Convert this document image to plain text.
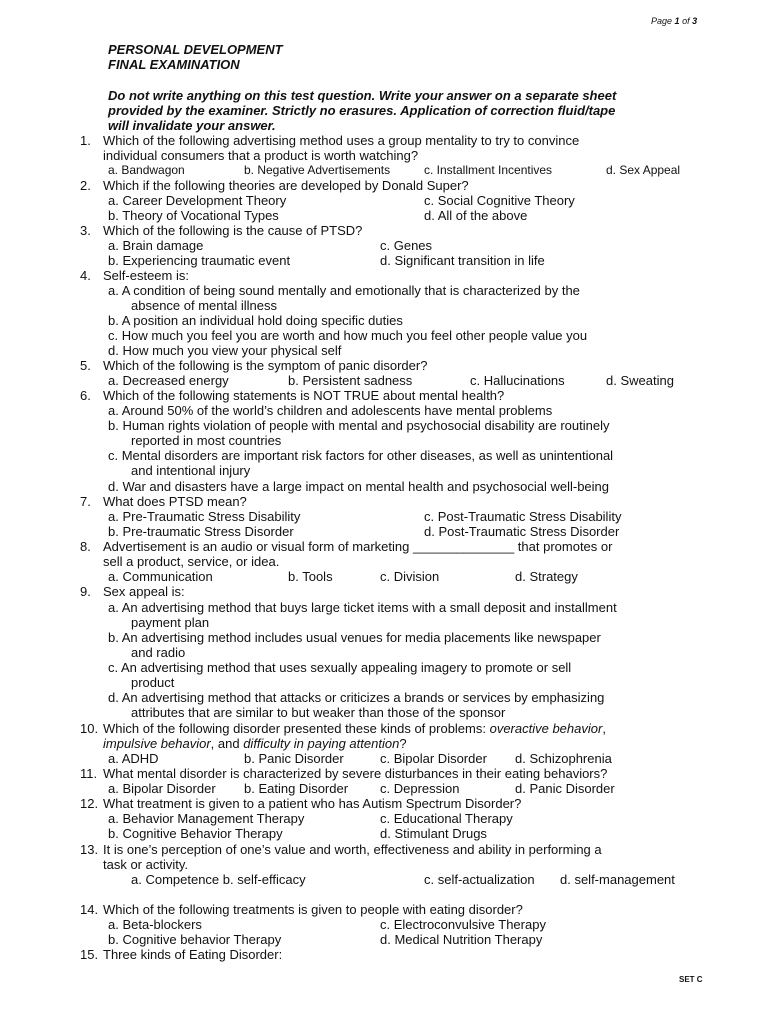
Page 1 of 3
PERSONAL DEVELOPMENT
FINAL EXAMINATION
Do not write anything on this test question. Write your answer on a separate sheet
provided by the examiner. Strictly no erasures. Application of correction fluid/tape
will invalidate your answer.
1. Which of the following advertising method uses a group mentality to try to convince
individual consumers that a product is worth watching?
a. Bandwagon	b. Negative Advertisements	c. Installment Incentives	d. Sex Appeal
2. Which if the following theories are developed by Donald Super?
a. Career Development Theory	c. Social Cognitive Theory
b. Theory of Vocational Types	d. All of the above
3. Which of the following is the cause of PTSD?
a. Brain damage	c. Genes
b. Experiencing traumatic event	d. Significant transition in life
4. Self-esteem is:
a. A condition of being sound mentally and emotionally that is characterized by the
absence of mental illness
b. A position an individual hold doing specific duties
c. How much you feel you are worth and how much you feel other people value you
d. How much you view your physical self
5. Which of the following is the symptom of panic disorder?
a. Decreased energy	b. Persistent sadness	c. Hallucinations	d. Sweating
6. Which of the following statements is NOT TRUE about mental health?
a. Around 50% of the world’s children and adolescents have mental problems
b. Human rights violation of people with mental and psychosocial disability are routinely
reported in most countries
c. Mental disorders are important risk factors for other diseases, as well as unintentional
and intentional injury
d. War and disasters have a large impact on mental health and psychosocial well-being
7. What does PTSD mean?
a. Pre-Traumatic Stress Disability	c. Post-Traumatic Stress Disability
b. Pre-traumatic Stress Disorder	d. Post-Traumatic Stress Disorder
8. Advertisement is an audio or visual form of marketing ______________ that promotes or
sell a product, service, or idea.
a. Communication	b. Tools	c. Division	d. Strategy
9. Sex appeal is:
a. An advertising method that buys large ticket items with a small deposit and installment
payment plan
b. An advertising method includes usual venues for media placements like newspaper
and radio
c. An advertising method that uses sexually appealing imagery to promote or sell
product
d. An advertising method that attacks or criticizes a brands or services by emphasizing
attributes that are similar to but weaker than those of the sponsor
10. Which of the following disorder presented these kinds of problems: overactive behavior,
impulsive behavior, and difficulty in paying attention?
a. ADHD	b. Panic Disorder	c. Bipolar Disorder d. Schizophrenia
11. What mental disorder is characterized by severe disturbances in their eating behaviors?
a. Bipolar Disorder b. Eating Disorder c. Depression	d. Panic Disorder
12. What treatment is given to a patient who has Autism Spectrum Disorder?
a. Behavior Management Therapy	c. Educational Therapy
b. Cognitive Behavior Therapy	d. Stimulant Drugs
13. It is one’s perception of one’s value and worth, effectiveness and ability in performing a
task or activity.
a. Competence b. self-efficacy	c. self-actualization d. self-management
14. Which of the following treatments is given to people with eating disorder?
a. Beta-blockers	c. Electroconvulsive Therapy
b. Cognitive behavior Therapy	d. Medical Nutrition Therapy
15. Three kinds of Eating Disorder:
SET C
